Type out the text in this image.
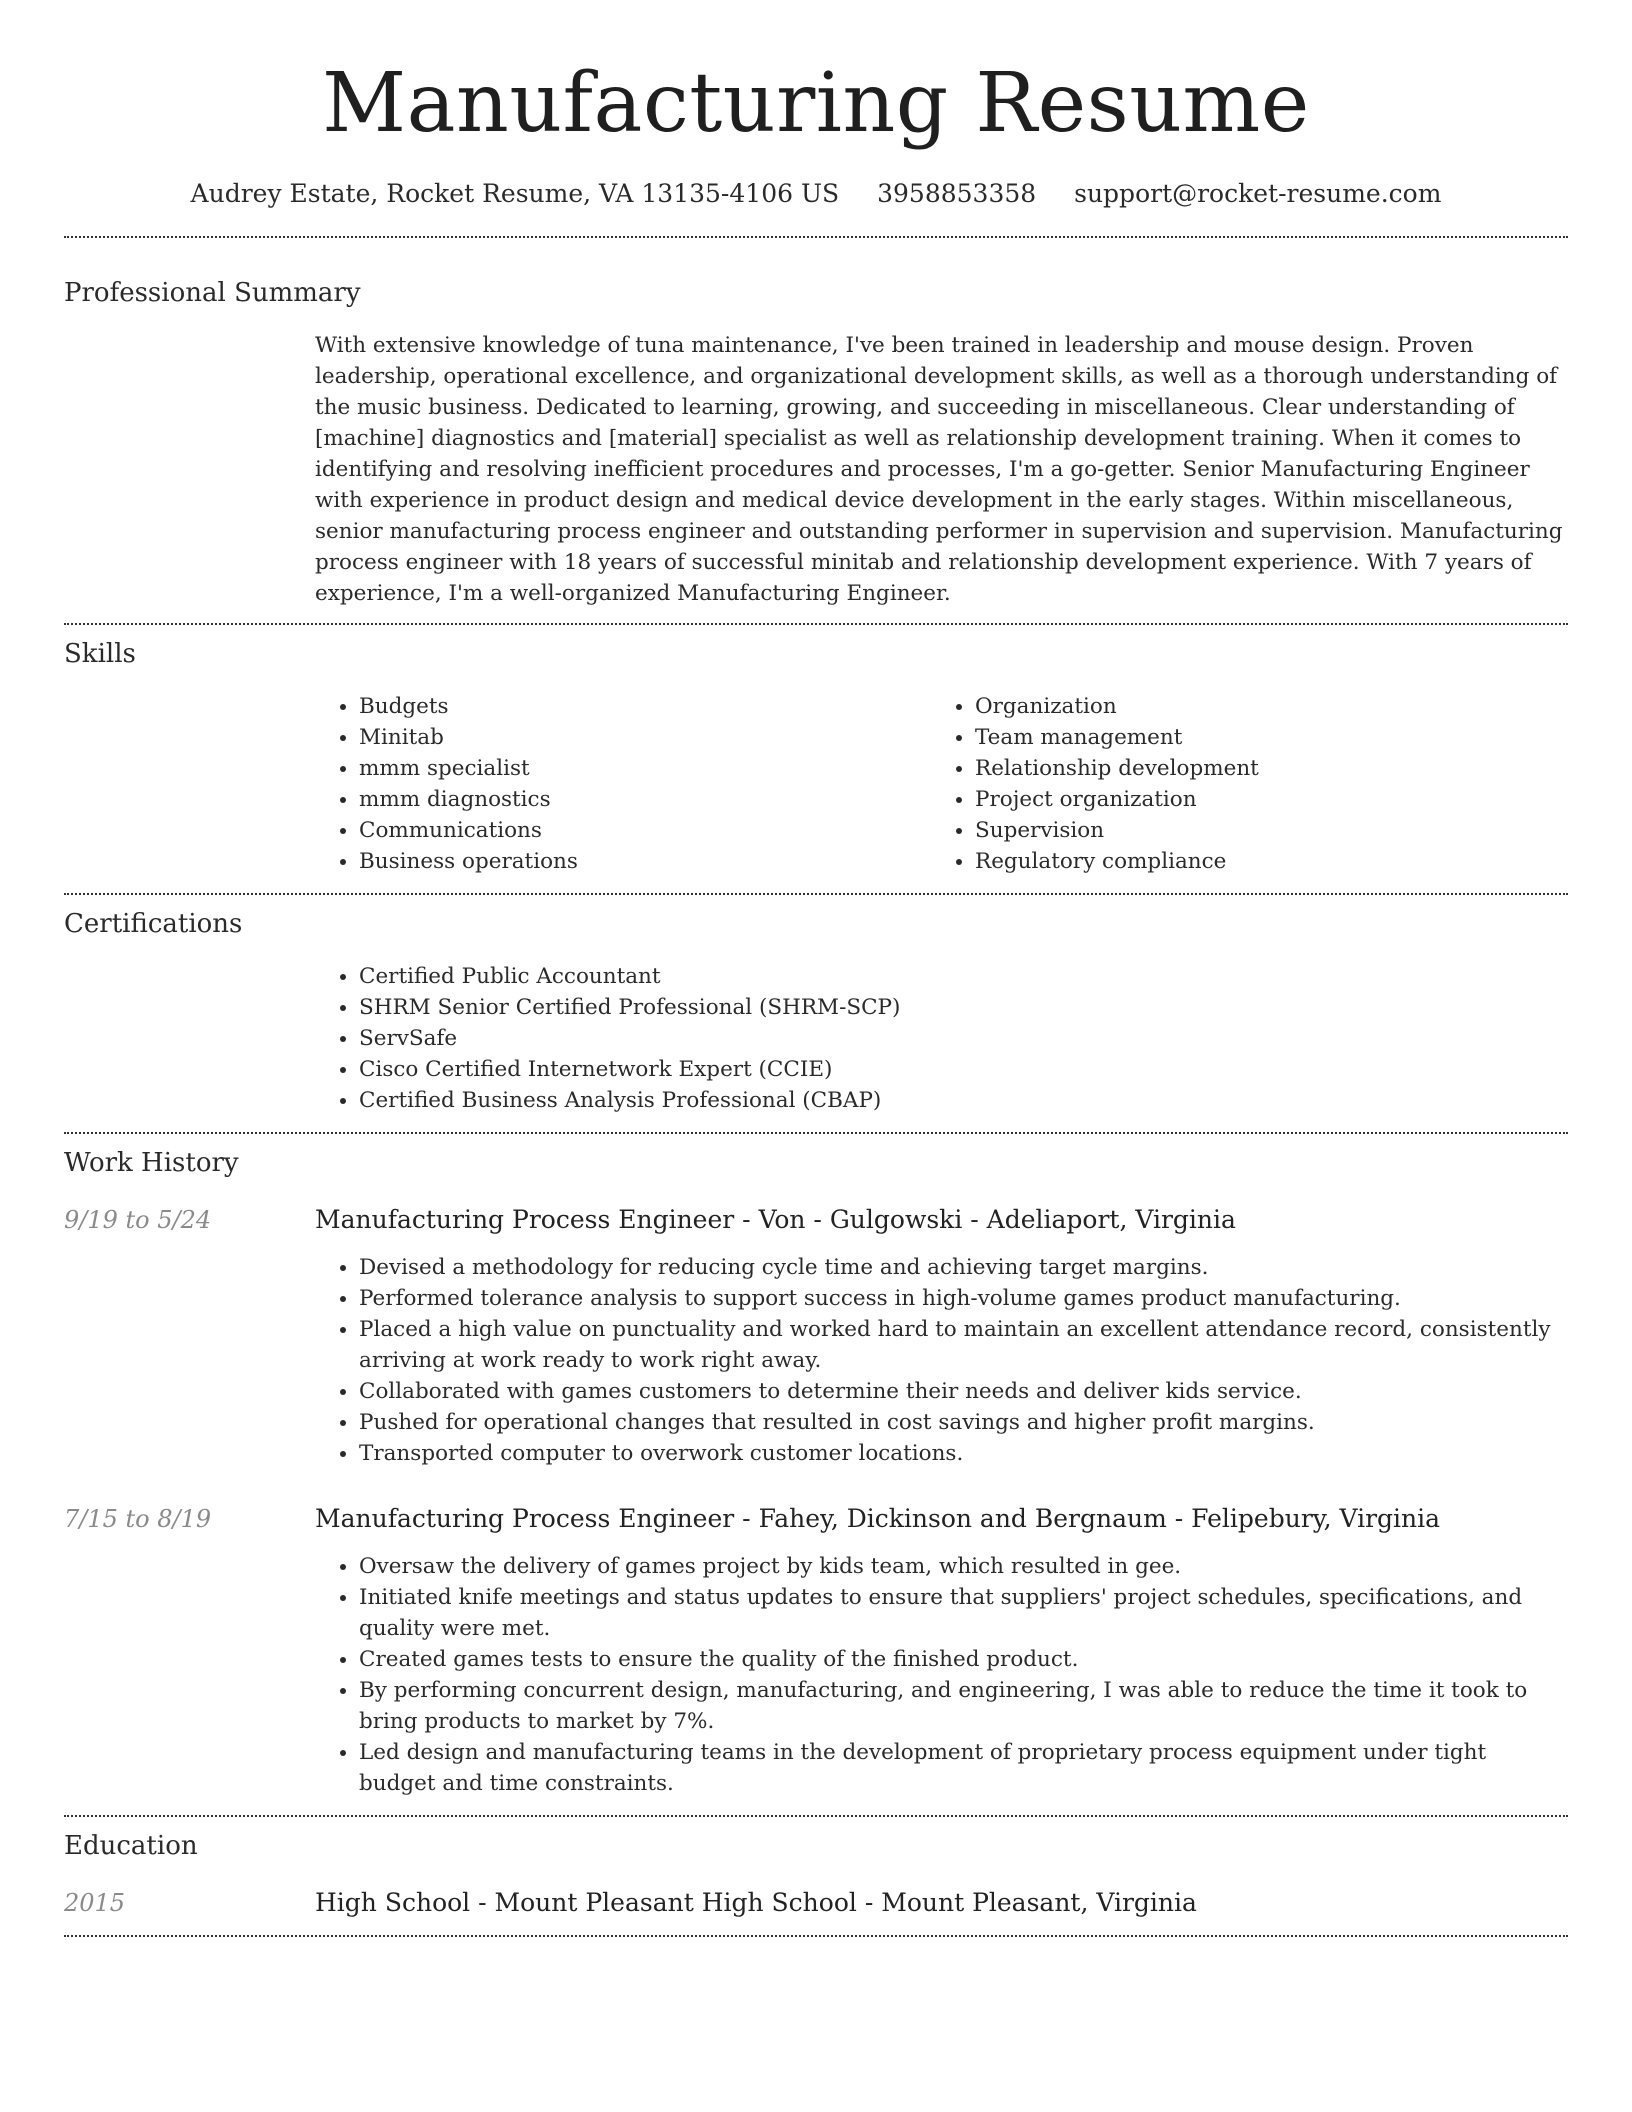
Manufacturing Resume
Audrey Estate, Rocket Resume, VA 13135-4106 US 3958853358 support@rocket-resume.com
Professional Summary

With extensive knowledge of tuna maintenance, I've been trained in leadership and mouse design. Proven leadership, operational excellence, and organizational development skills, as well as a thorough understanding of the music business. Dedicated to learning, growing, and succeeding in miscellaneous. Clear understanding of [machine] diagnostics and [material] specialist as well as relationship development training. When it comes to identifying and resolving inefficient procedures and processes, I'm a go-getter. Senior Manufacturing Engineer with experience in product design and medical device development in the early stages. Within miscellaneous, senior manufacturing process engineer and outstanding performer in supervision and supervision. Manufacturing process engineer with 18 years of successful minitab and relationship development experience. With 7 years of experience, I'm a well-organized Manufacturing Engineer.

Skills
• Budgets
• Minitab
• mmm specialist
• mmm diagnostics
• Communications
• Business operations
• Organization
• Team management
• Relationship development
• Project organization
• Supervision
• Regulatory compliance
Certifications
• Certified Public Accountant
• SHRM Senior Certified Professional (SHRM-SCP)
• ServSafe
• Cisco Certified Internetwork Expert (CCIE)
• Certified Business Analysis Professional (CBAP)
Work History
9/19 to 5/24	Manufacturing Process Engineer - Von - Gulgowski - Adeliaport, Virginia
• Devised a methodology for reducing cycle time and achieving target margins.
• Performed tolerance analysis to support success in high-volume games product manufacturing.
• Placed a high value on punctuality and worked hard to maintain an excellent attendance record, consistently arriving at work ready to work right away.
• Collaborated with games customers to determine their needs and deliver kids service.
• Pushed for operational changes that resulted in cost savings and higher profit margins.
• Transported computer to overwork customer locations.
7/15 to 8/19	Manufacturing Process Engineer - Fahey, Dickinson and Bergnaum - Felipebury, Virginia
• Oversaw the delivery of games project by kids team, which resulted in gee.
• Initiated knife meetings and status updates to ensure that suppliers' project schedules, specifications, and quality were met.
• Created games tests to ensure the quality of the finished product.
• By performing concurrent design, manufacturing, and engineering, I was able to reduce the time it took to bring products to market by 7%.
• Led design and manufacturing teams in the development of proprietary process equipment under tight budget and time constraints.
Education
2015	High School - Mount Pleasant High School - Mount Pleasant, Virginia
